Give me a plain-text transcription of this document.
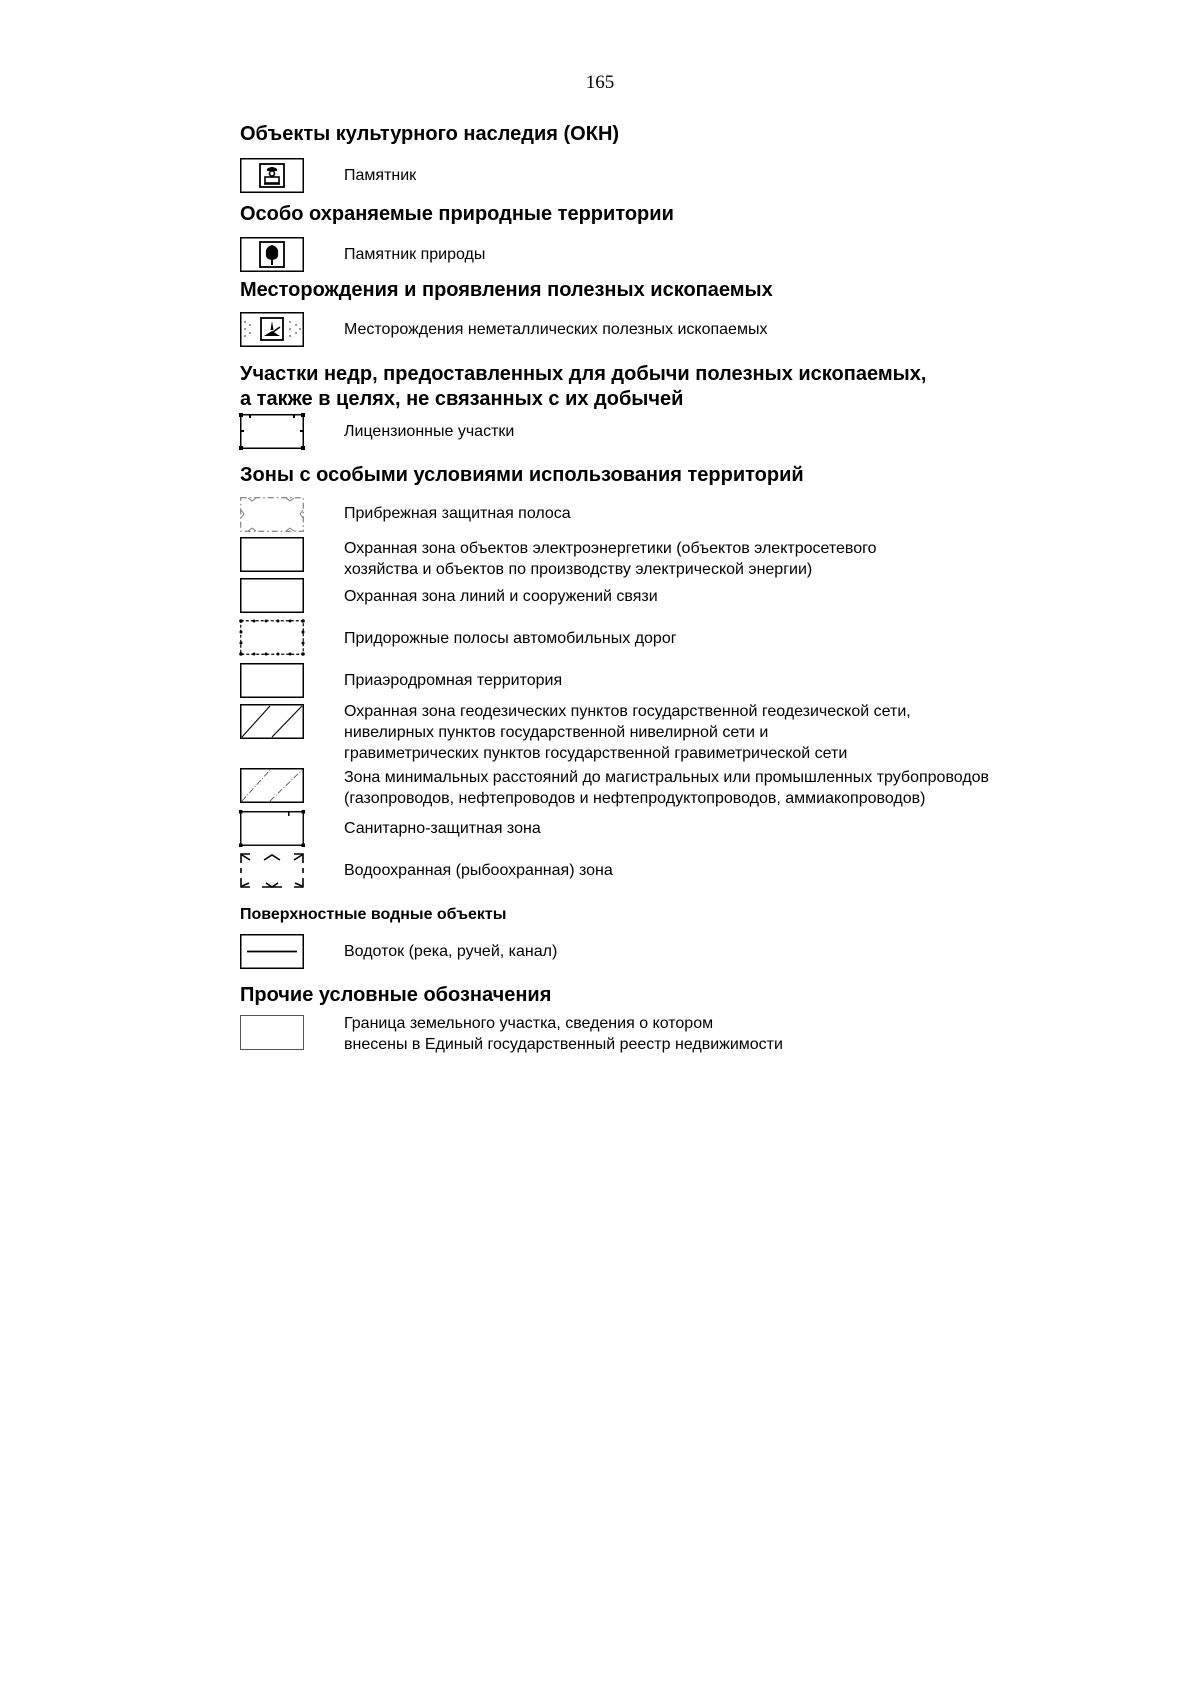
165
Объекты культурного наследия (ОКН)
Памятник
Особо охраняемые природные территории
Памятник природы
Месторождения и проявления полезных ископаемых
Месторождения неметаллических полезных ископаемых
Участки недр, предоставленных для добычи полезных ископаемых,
а также в целях, не связанных с их добычей
Лицензионные участки
Зоны с особыми условиями использования территорий
Прибрежная защитная полоса
Охранная зона объектов электроэнергетики (объектов электросетевого
хозяйства и объектов по производству электрической энергии)
Охранная зона линий и сооружений связи
Придорожные полосы автомобильных дорог
Приаэродромная территория
Охранная зона геодезических пунктов государственной геодезической сети,
нивелирных пунктов государственной нивелирной сети и
гравиметрических пунктов государственной гравиметрической сети
Зона минимальных расстояний до магистральных или промышленных трубопроводов
(газопроводов, нефтепроводов и нефтепродуктопроводов, аммиакопроводов)
Санитарно-защитная зона
Водоохранная (рыбоохранная) зона
Поверхностные водные объекты
Водоток (река, ручей, канал)
Прочие условные обозначения
Граница земельного участка, сведения о котором
внесены в Единый государственный реестр недвижимости
